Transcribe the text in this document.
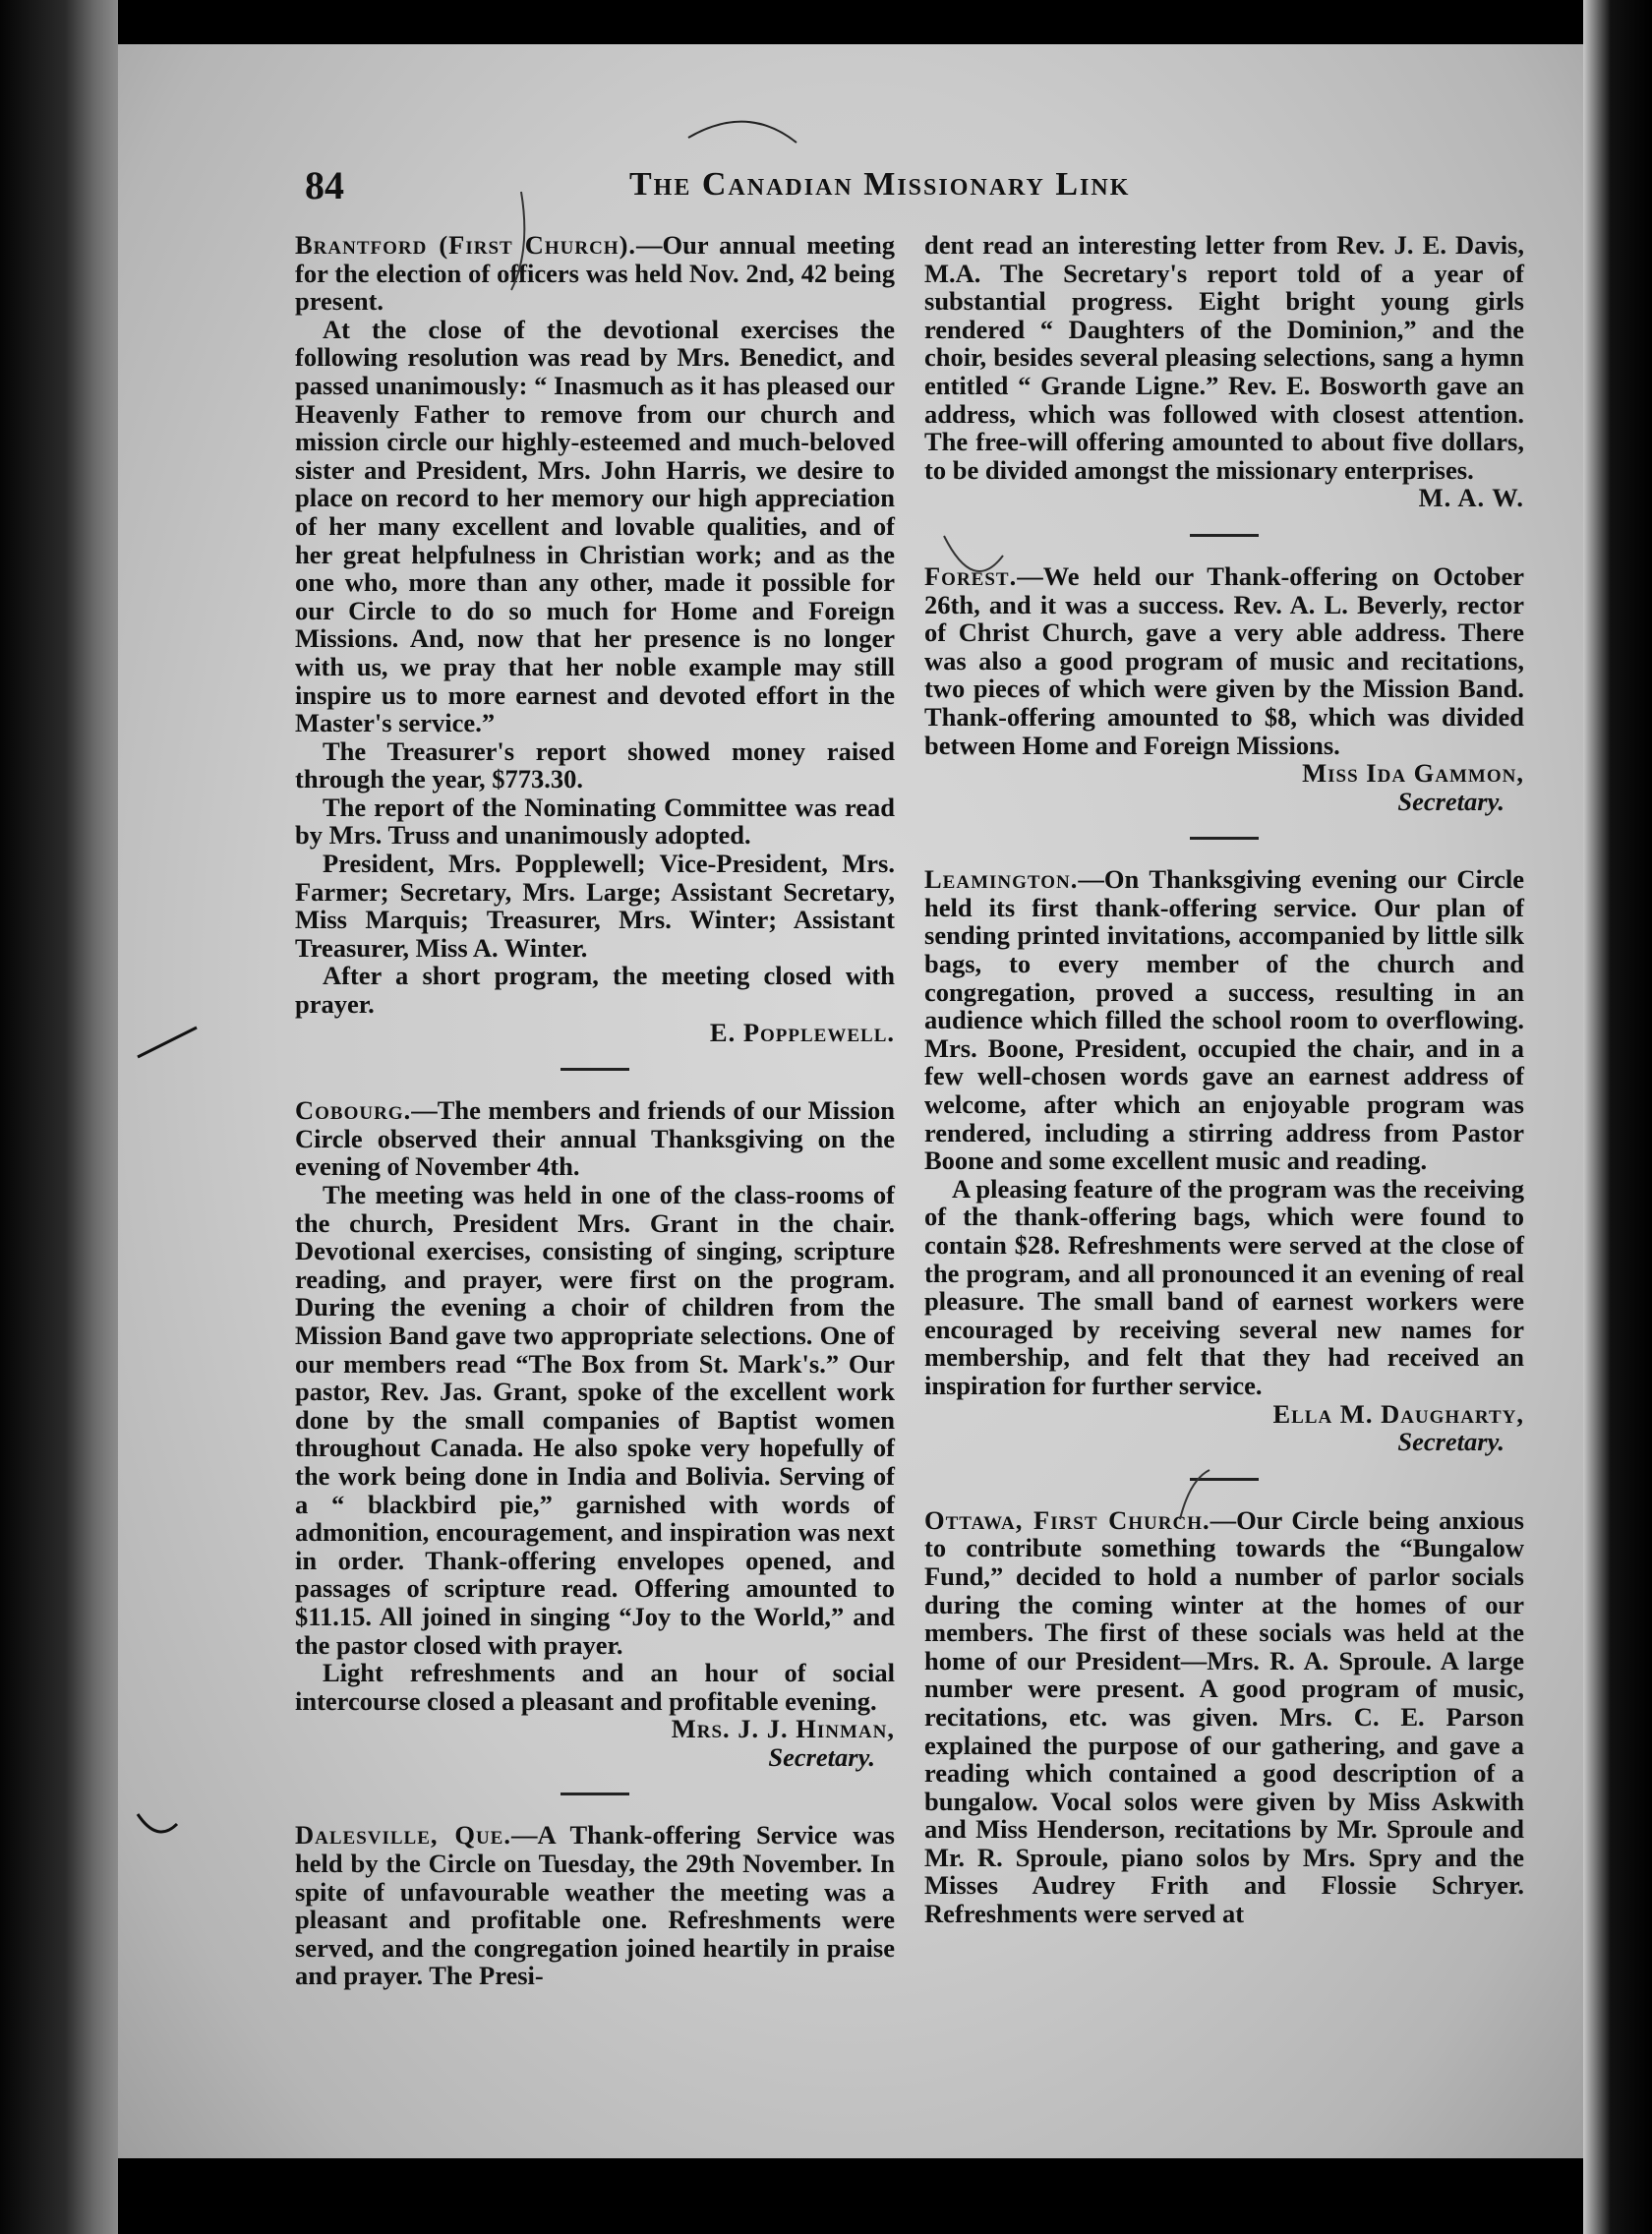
84	The Canadian Missionary Link

Brantford (First Church).—Our annual meeting for the election of officers was held Nov. 2nd, 42 being present.

At the close of the devotional exercises the following resolution was read by Mrs. Benedict, and passed unanimously: “ Inasmuch as it has pleased our Heavenly Father to remove from our church and mission circle our highly-esteemed and much-beloved sister and President, Mrs. John Harris, we desire to place on record to her memory our high appreciation of her many excellent and lovable qualities, and of her great helpfulness in Christian work; and as the one who, more than any other, made it possible for our Circle to do so much for Home and Foreign Missions. And, now that her presence is no longer with us, we pray that her noble example may still inspire us to more earnest and devoted effort in the Master's service.”

The Treasurer's report showed money raised through the year, $773.30.

The report of the Nominating Committee was read by Mrs. Truss and unanimously adopted.

President, Mrs. Popplewell; Vice-President, Mrs. Farmer; Secretary, Mrs. Large; Assistant Secretary, Miss Marquis; Treasurer, Mrs. Winter; Assistant Treasurer, Miss A. Winter.

After a short program, the meeting closed with prayer.

E. Popplewell.

Cobourg.—The members and friends of our Mission Circle observed their annual Thanksgiving on the evening of November 4th.

The meeting was held in one of the class-rooms of the church, President Mrs. Grant in the chair. Devotional exercises, consisting of singing, scripture reading, and prayer, were first on the program. During the evening a choir of children from the Mission Band gave two appropriate selections. One of our members read “The Box from St. Mark's.” Our pastor, Rev. Jas. Grant, spoke of the excellent work done by the small companies of Baptist women throughout Canada. He also spoke very hopefully of the work being done in India and Bolivia. Serving of a “ blackbird pie,” garnished with words of admonition, encouragement, and inspiration was next in order. Thank-offering envelopes opened, and passages of scripture read. Offering amounted to $11.15. All joined in singing “Joy to the World,” and the pastor closed with prayer.

Light refreshments and an hour of social intercourse closed a pleasant and profitable evening.

Mrs. J. J. Hinman,

Secretary.

Dalesville, Que.—A Thank-offering Service was held by the Circle on Tuesday, the 29th November. In spite of unfavourable weather the meeting was a pleasant and profitable one. Refreshments were served, and the congregation joined heartily in praise and prayer. The Presi-

dent read an interesting letter from Rev. J. E. Davis, M.A. The Secretary's report told of a year of substantial progress. Eight bright young girls rendered “ Daughters of the Dominion,” and the choir, besides several pleasing selections, sang a hymn entitled “ Grande Ligne.” Rev. E. Bosworth gave an address, which was followed with closest attention. The free-will offering amounted to about five dollars, to be divided amongst the missionary enterprises.

M. A. W.

Forest.—We held our Thank-offering on October 26th, and it was a success. Rev. A. L. Beverly, rector of Christ Church, gave a very able address. There was also a good program of music and recitations, two pieces of which were given by the Mission Band. Thank-offering amounted to $8, which was divided between Home and Foreign Missions.

Miss Ida Gammon,

Secretary.

Leamington.—On Thanksgiving evening our Circle held its first thank-offering service. Our plan of sending printed invitations, accompanied by little silk bags, to every member of the church and congregation, proved a success, resulting in an audience which filled the school room to overflowing. Mrs. Boone, President, occupied the chair, and in a few well-chosen words gave an earnest address of welcome, after which an enjoyable program was rendered, including a stirring address from Pastor Boone and some excellent music and reading.

A pleasing feature of the program was the receiving of the thank-offering bags, which were found to contain $28. Refreshments were served at the close of the program, and all pronounced it an evening of real pleasure. The small band of earnest workers were encouraged by receiving several new names for membership, and felt that they had received an inspiration for further service.

Ella M. Daugharty,

Secretary.

Ottawa, First Church.—Our Circle being anxious to contribute something towards the “Bungalow Fund,” decided to hold a number of parlor socials during the coming winter at the homes of our members. The first of these socials was held at the home of our President—Mrs. R. A. Sproule. A large number were present. A good program of music, recitations, etc. was given. Mrs. C. E. Parson explained the purpose of our gathering, and gave a reading which contained a good description of a bungalow. Vocal solos were given by Miss Askwith and Miss Henderson, recitations by Mr. Sproule and Mr. R. Sproule, piano solos by Mrs. Spry and the Misses Audrey Frith and Flossie Schryer. Refreshments were served at
